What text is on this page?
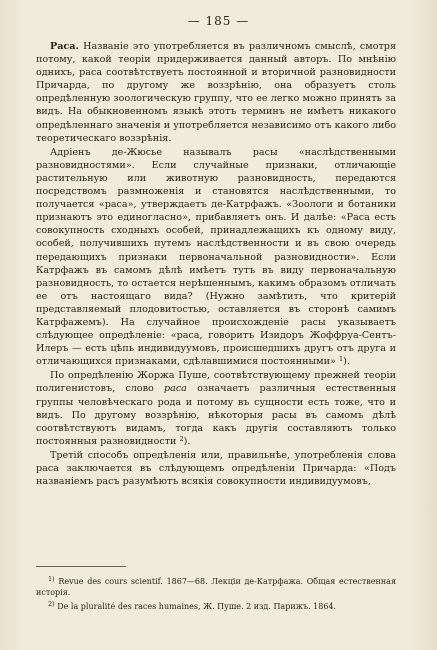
— 185 —

Раса. Названіе это употребляется въ различномъ смыслѣ, смотря потому, какой теоріи придерживается данный авторъ. По мнѣнію однихъ, раса соотвѣтствуетъ постоянной и вторичной разновидности Причарда, по другому же воззрѣнію, она образуетъ столь опредѣленную зоологическую группу, что ее легко можно принять за видъ. На обыкновенномъ языкѣ этотъ терминъ не имѣетъ никакого опредѣленнаго значенія и употребляется независимо отъ какого либо теоретическаго воззрѣнія.

Адріенъ де-Жюсье называлъ расы «наслѣдственными разновидностями». Если случайные признаки, отличающіе растительную или животную разновидность, передаются посредствомъ размноженія и становятся наслѣдственными, то получается «раса», утверждаетъ де-Катрфажъ. «Зоологи и ботаники признаютъ это единогласно», прибавляетъ онъ. И далѣе: «Раса есть совокупность сходныхъ особей, принадлежащихъ къ одному виду, особей, получившихъ путемъ наслѣдственности и въ свою очередь передающихъ признаки первоначальной разновидности». Если Катрфажъ въ самомъ дѣлѣ имѣетъ тутъ въ виду первоначальную разновидность, то остается нерѣшеннымъ, какимъ образомъ отличать ее отъ настоящаго вида? (Нужно замѣтить, что критерій представляемый плодовитостью, оставляется въ сторонѣ самимъ Катрфажемъ). На случайное происхожденіе расы указываетъ слѣдующее опредѣленіе: «раса, говоритъ Изидоръ Жоффруа-Сентъ-Илеръ — есть цѣпь индивидуумовъ, происшедшихъ другъ отъ друга и отличающихся признаками, сдѣлавшимися постоянными» $^1$).

По опредѣленію Жоржа Пуше, соотвѣтствующему прежней теоріи полигенистовъ, слово раса означаетъ различныя естественныя группы человѣческаго рода и потому въ сущности есть тоже, что и видъ. По другому воззрѣнію, нѣкоторыя расы въ самомъ дѣлѣ соотвѣтствуютъ видамъ, тогда какъ другія составляютъ только постоянныя разновидности $^2$).

Третій способъ опредѣленія или, правильнѣе, употребленія слова раса заключается въ слѣдующемъ опредѣленіи Причарда: «Подъ названіемъ расъ разумѣютъ всякія совокупности индивидуумовъ,

$^{1)}$ Revue des cours scientif. 1867—68. Лекціи де-Катрфажа. Общая естественная исторія.

$^{2)}$ De la pluralité des races humaines, Ж. Пуше. 2 изд. Парижъ. 1864.
